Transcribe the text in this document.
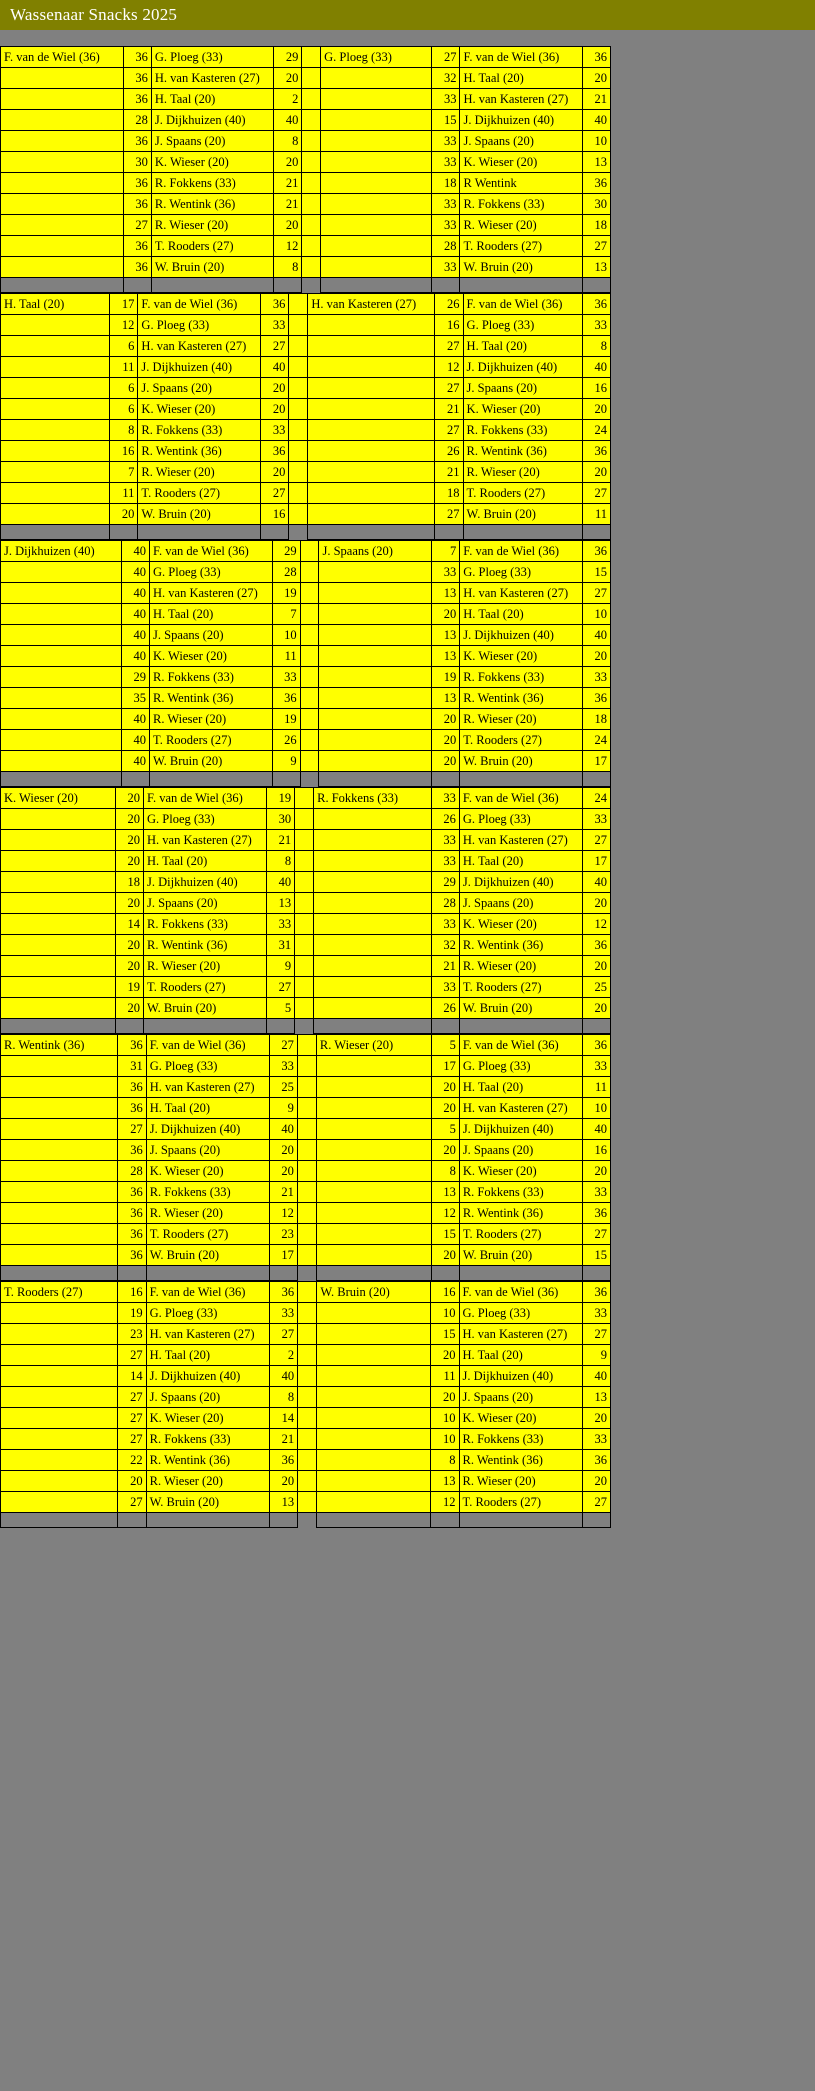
Wassenaar Snacks 2025
F. van de Wiel (36)	36	G. Ploeg (33)	29		G. Ploeg (33)	27	F. van de Wiel (36)	36
	36	H. van Kasteren (27)	20			32	H. Taal (20)	20
	36	H. Taal (20)	2			33	H. van Kasteren (27)	21
	28	J. Dijkhuizen (40)	40			15	J. Dijkhuizen (40)	40
	36	J. Spaans (20)	8			33	J. Spaans (20)	10
	30	K. Wieser (20)	20			33	K. Wieser (20)	13
	36	R. Fokkens (33)	21			18	R Wentink	36
	36	R. Wentink (36)	21			33	R. Fokkens (33)	30
	27	R. Wieser (20)	20			33	R. Wieser (20)	18
	36	T. Rooders (27)	12			28	T. Rooders (27)	27
	36	W. Bruin (20)	8			33	W. Bruin (20)	13

H. Taal (20)	17	F. van de Wiel (36)	36		H. van Kasteren (27)	26	F. van de Wiel (36)	36
	12	G. Ploeg (33)	33			16	G. Ploeg (33)	33
	6	H. van Kasteren (27)	27			27	H. Taal (20)	8
	11	J. Dijkhuizen (40)	40			12	J. Dijkhuizen (40)	40
	6	J. Spaans (20)	20			27	J. Spaans (20)	16
	6	K. Wieser (20)	20			21	K. Wieser (20)	20
	8	R. Fokkens (33)	33			27	R. Fokkens (33)	24
	16	R. Wentink (36)	36			26	R. Wentink (36)	36
	7	R. Wieser (20)	20			21	R. Wieser (20)	20
	11	T. Rooders (27)	27			18	T. Rooders (27)	27
	20	W. Bruin (20)	16			27	W. Bruin (20)	11

J. Dijkhuizen (40)	40	F. van de Wiel (36)	29		J. Spaans (20)	7	F. van de Wiel (36)	36
	40	G. Ploeg (33)	28			33	G. Ploeg (33)	15
	40	H. van Kasteren (27)	19			13	H. van Kasteren (27)	27
	40	H. Taal (20)	7			20	H. Taal (20)	10
	40	J. Spaans (20)	10			13	J. Dijkhuizen (40)	40
	40	K. Wieser (20)	11			13	K. Wieser (20)	20
	29	R. Fokkens (33)	33			19	R. Fokkens (33)	33
	35	R. Wentink (36)	36			13	R. Wentink (36)	36
	40	R. Wieser (20)	19			20	R. Wieser (20)	18
	40	T. Rooders (27)	26			20	T. Rooders (27)	24
	40	W. Bruin (20)	9			20	W. Bruin (20)	17

K. Wieser (20)	20	F. van de Wiel (36)	19		R. Fokkens (33)	33	F. van de Wiel (36)	24
	20	G. Ploeg (33)	30			26	G. Ploeg (33)	33
	20	H. van Kasteren (27)	21			33	H. van Kasteren (27)	27
	20	H. Taal (20)	8			33	H. Taal (20)	17
	18	J. Dijkhuizen (40)	40			29	J. Dijkhuizen (40)	40
	20	J. Spaans (20)	13			28	J. Spaans (20)	20
	14	R. Fokkens (33)	33			33	K. Wieser (20)	12
	20	R. Wentink (36)	31			32	R. Wentink (36)	36
	20	R. Wieser (20)	9			21	R. Wieser (20)	20
	19	T. Rooders (27)	27			33	T. Rooders (27)	25
	20	W. Bruin (20)	5			26	W. Bruin (20)	20

R. Wentink (36)	36	F. van de Wiel (36)	27		R. Wieser (20)	5	F. van de Wiel (36)	36
	31	G. Ploeg (33)	33			17	G. Ploeg (33)	33
	36	H. van Kasteren (27)	25			20	H. Taal (20)	11
	36	H. Taal (20)	9			20	H. van Kasteren (27)	10
	27	J. Dijkhuizen (40)	40			5	J. Dijkhuizen (40)	40
	36	J. Spaans (20)	20			20	J. Spaans (20)	16
	28	K. Wieser (20)	20			8	K. Wieser (20)	20
	36	R. Fokkens (33)	21			13	R. Fokkens (33)	33
	36	R. Wieser (20)	12			12	R. Wentink (36)	36
	36	T. Rooders (27)	23			15	T. Rooders (27)	27
	36	W. Bruin (20)	17			20	W. Bruin (20)	15

T. Rooders (27)	16	F. van de Wiel (36)	36		W. Bruin (20)	16	F. van de Wiel (36)	36
	19	G. Ploeg (33)	33			10	G. Ploeg (33)	33
	23	H. van Kasteren (27)	27			15	H. van Kasteren (27)	27
	27	H. Taal (20)	2			20	H. Taal (20)	9
	14	J. Dijkhuizen (40)	40			11	J. Dijkhuizen (40)	40
	27	J. Spaans (20)	8			20	J. Spaans (20)	13
	27	K. Wieser (20)	14			10	K. Wieser (20)	20
	27	R. Fokkens (33)	21			10	R. Fokkens (33)	33
	22	R. Wentink (36)	36			8	R. Wentink (36)	36
	20	R. Wieser (20)	20			13	R. Wieser (20)	20
	27	W. Bruin (20)	13			12	T. Rooders (27)	27
